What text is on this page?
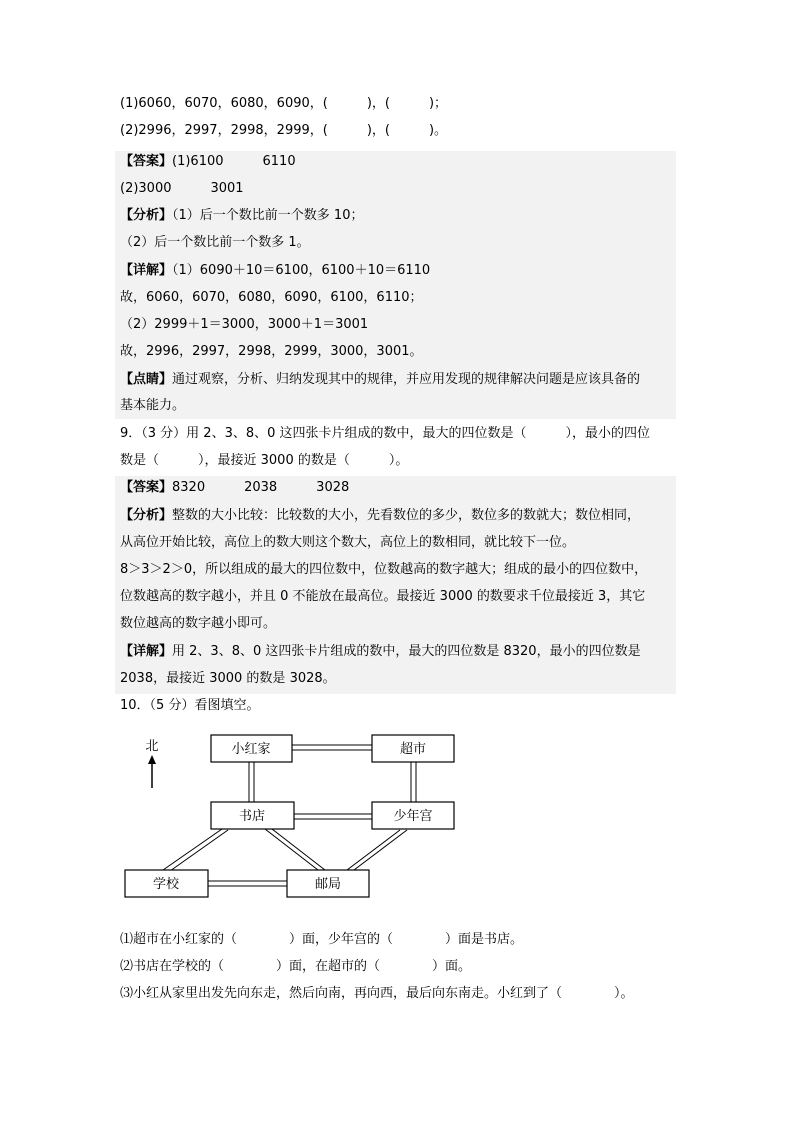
(1)6060，6070，6080，6090，(　　　)，(　　　)；
(2)2996，2997，2998，2999，(　　　)，(　　　)。
【答案】(1)6100　　　6110
(2)3000　　　3001
【分析】（1）后一个数比前一个数多 10；
（2）后一个数比前一个数多 1。
【详解】（1）6090＋10＝6100，6100＋10＝6110
故，6060，6070，6080，6090，6100，6110；
（2）2999＋1＝3000，3000＋1＝3001
故，2996，2997，2998，2999，3000，3001。
【点睛】通过观察，分析、归纳发现其中的规律，并应用发现的规律解决问题是应该具备的
基本能力。
9．（3 分）用 2、3、8、0 这四张卡片组成的数中，最大的四位数是（　　　），最小的四位
数是（　　　），最接近 3000 的数是（　　　）。
【答案】8320　　　2038　　　3028
【分析】整数的大小比较：比较数的大小，先看数位的多少，数位多的数就大；数位相同，
从高位开始比较，高位上的数大则这个数大，高位上的数相同，就比较下一位。
8＞3＞2＞0，所以组成的最大的四位数中，位数越高的数字越大；组成的最小的四位数中，
位数越高的数字越小，并且 0 不能放在最高位。最接近 3000 的数要求千位最接近 3，其它
数位越高的数字越小即可。
【详解】用 2、3、8、0 这四张卡片组成的数中，最大的四位数是 8320，最小的四位数是
2038，最接近 3000 的数是 3028。
10．（5 分）看图填空。
北	小红家	超市
书店	少年宫
学校	邮局
⑴超市在小红家的（　　　　）面，少年宫的（　　　　）面是书店。
⑵书店在学校的（　　　　）面，在超市的（　　　　）面。
⑶小红从家里出发先向东走，然后向南，再向西，最后向东南走。小红到了（　　　　）。
